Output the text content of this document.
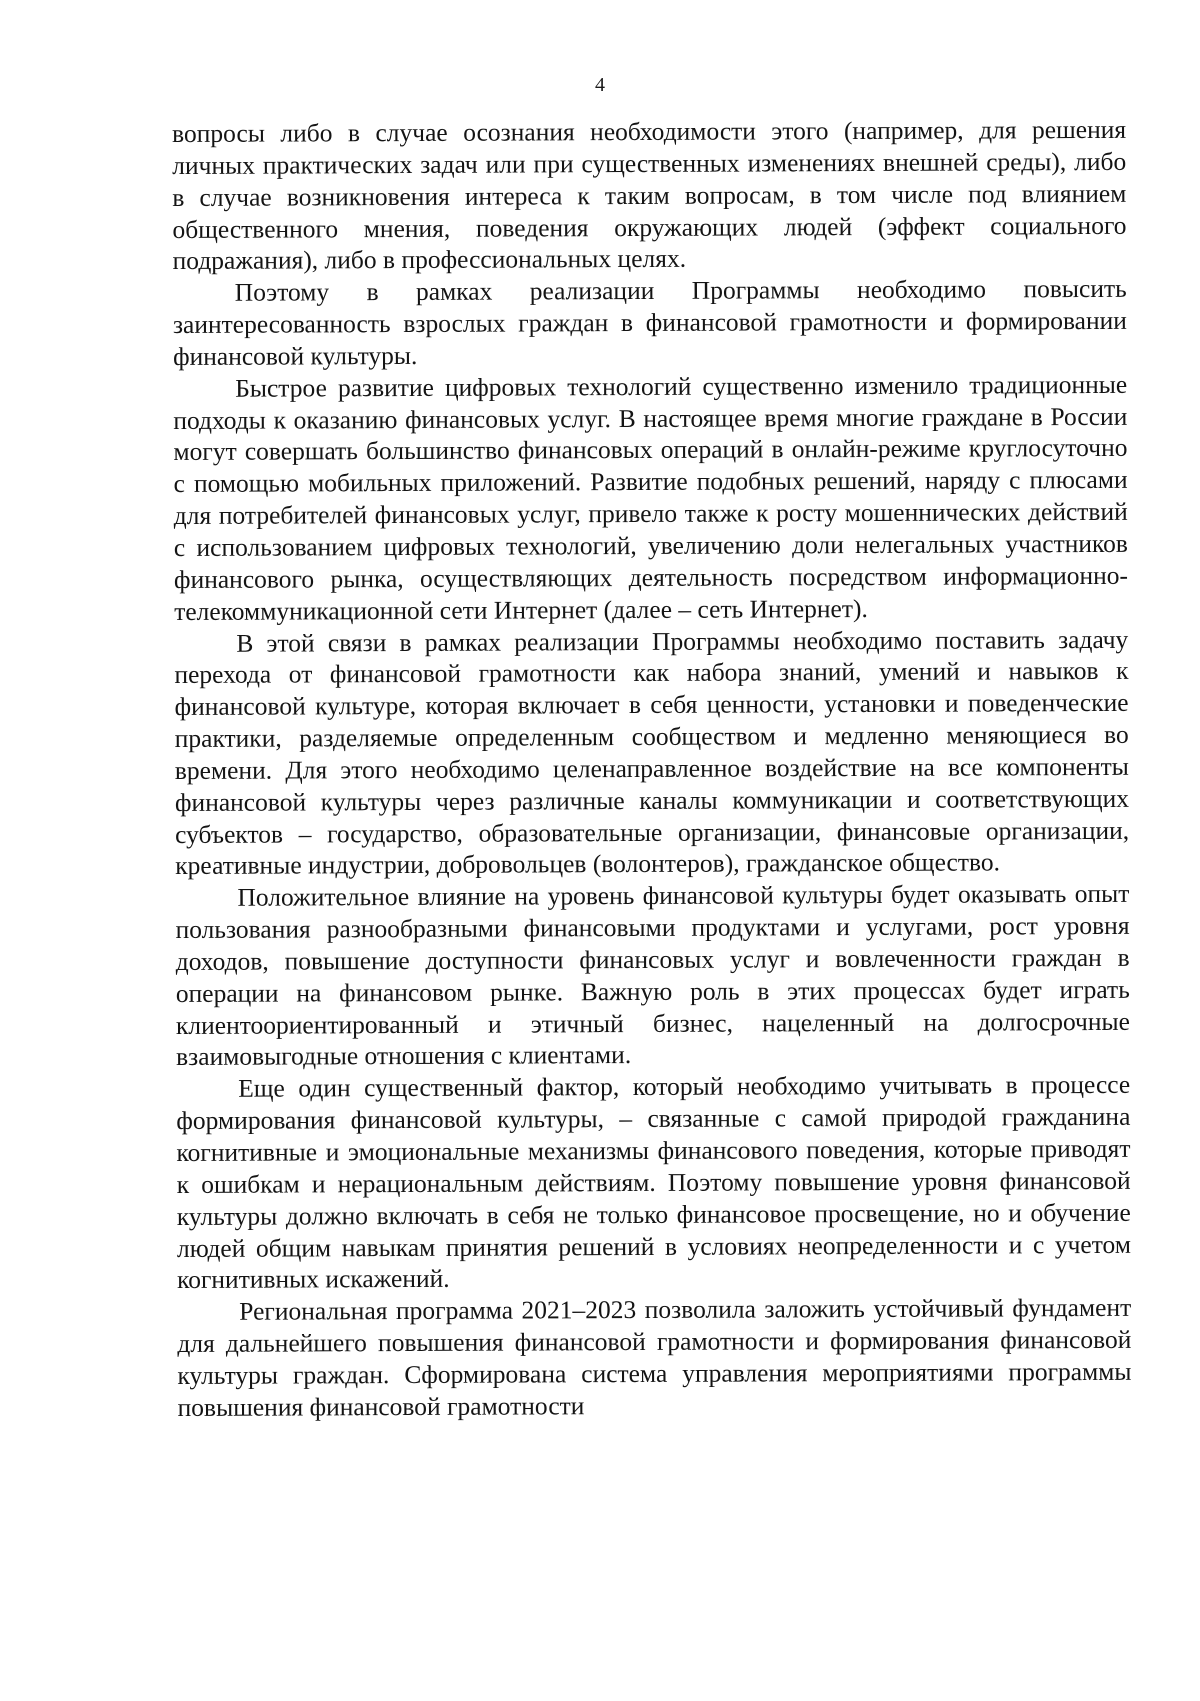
4

вопросы либо в случае осознания необходимости этого (например, для решения личных практических задач или при существенных изменениях внешней среды), либо в случае возникновения интереса к таким вопросам, в том числе под влиянием общественного мнения, поведения окружающих людей (эффект социального подражания), либо в профессиональных целях.

Поэтому в рамках реализации Программы необходимо повысить заинтересованность взрослых граждан в финансовой грамотности и формировании финансовой культуры.

Быстрое развитие цифровых технологий существенно изменило традиционные подходы к оказанию финансовых услуг. В настоящее время многие граждане в России могут совершать большинство финансовых операций в онлайн-режиме круглосуточно с помощью мобильных приложений. Развитие подобных решений, наряду с плюсами для потребителей финансовых услуг, привело также к росту мошеннических действий с использованием цифровых технологий, увеличению доли нелегальных участников финансового рынка, осуществляющих деятельность посредством информационно-телекоммуникационной сети Интернет (далее – сеть Интернет).

В этой связи в рамках реализации Программы необходимо поставить задачу перехода от финансовой грамотности как набора знаний, умений и навыков к финансовой культуре, которая включает в себя ценности, установки и поведенческие практики, разделяемые определенным сообществом и медленно меняющиеся во времени. Для этого необходимо целенаправленное воздействие на все компоненты финансовой культуры через различные каналы коммуникации и соответствующих субъектов – государство, образовательные организации, финансовые организации, креативные индустрии, добровольцев (волонтеров), гражданское общество.

Положительное влияние на уровень финансовой культуры будет оказывать опыт пользования разнообразными финансовыми продуктами и услугами, рост уровня доходов, повышение доступности финансовых услуг и вовлеченности граждан в операции на финансовом рынке. Важную роль в этих процессах будет играть клиентоориентированный и этичный бизнес, нацеленный на долгосрочные взаимовыгодные отношения с клиентами.

Еще один существенный фактор, который необходимо учитывать в процессе формирования финансовой культуры, – связанные с самой природой гражданина когнитивные и эмоциональные механизмы финансового поведения, которые приводят к ошибкам и нерациональным действиям. Поэтому повышение уровня финансовой культуры должно включать в себя не только финансовое просвещение, но и обучение людей общим навыкам принятия решений в условиях неопределенности и с учетом когнитивных искажений.

Региональная программа 2021–2023 позволила заложить устойчивый фундамент для дальнейшего повышения финансовой грамотности и формирования финансовой культуры граждан. Сформирована система управления мероприятиями программы повышения финансовой грамотности
